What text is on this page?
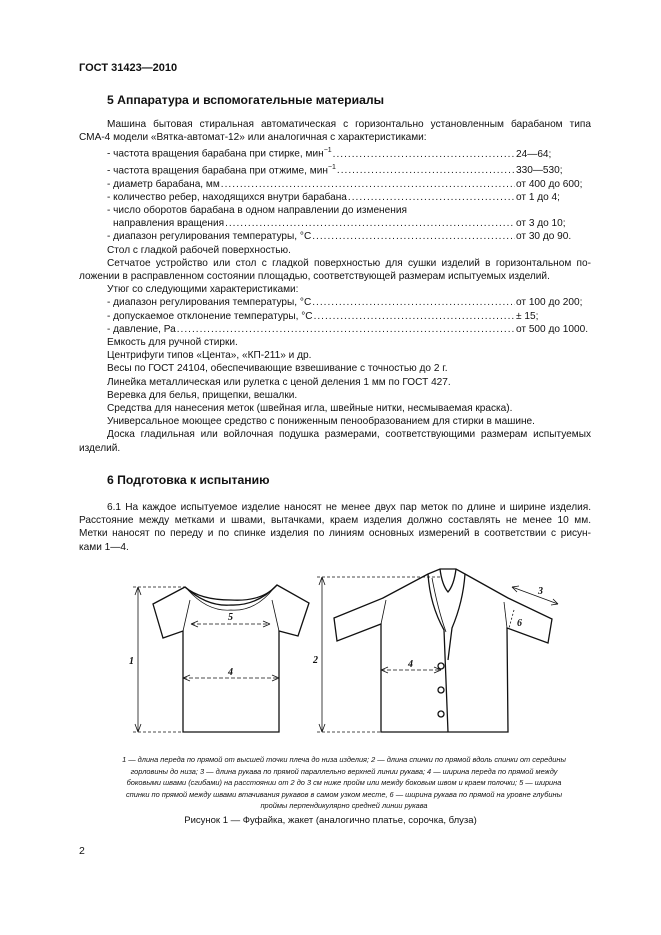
ГОСТ 31423—2010
5 Аппаратура и вспомогательные материалы
Машина бытовая стиральная автоматическая с горизонтально установленным барабаном типа
СМА-4 модели «Вятка-автомат-12» или аналогичная с характеристиками:
- частота вращения барабана при стирке, мин$^{-1}$ .....	24—64;
- частота вращения барабана при отжиме, мин$^{-1}$ .....	330—530;
- диаметр барабана, мм .....	от 400 до 600;
- количество ребер, находящихся внутри барабана .....	от 1 до 4;
- число оборотов барабана в одном направлении до изменения
направления вращения .....	от 3 до 10;
- диапазон регулирования температуры, °С .....	от 30 до 90.
Стол с гладкой рабочей поверхностью.
Сетчатое устройство или стол с гладкой поверхностью для сушки изделий в горизонтальном по-
ложении в расправленном состоянии площадью, соответствующей размерам испытуемых изделий.
Утюг со следующими характеристиками:
- диапазон регулирования температуры, °С .....	от 100 до 200;
- допускаемое отклонение температуры, °С .....	± 15;
- давление, Ра .....	от 500 до 1000.
Емкость для ручной стирки.
Центрифуги типов «Цента», «КП-211» и др.
Весы по ГОСТ 24104, обеспечивающие взвешивание с точностью до 2 г.
Линейка металлическая или рулетка с ценой деления 1 мм по ГОСТ 427.
Веревка для белья, прищепки, вешалки.
Средства для нанесения меток (швейная игла, швейные нитки, несмываемая краска).
Универсальное моющее средство с пониженным пенообразованием для стирки в машине.
Доска гладильная или войлочная подушка размерами, соответствующими размерам испытуемых
изделий.
6 Подготовка к испытанию
6.1 На каждое испытуемое изделие наносят не менее двух пар меток по длине и ширине изделия.
Расстояние между метками и швами, вытачками, краем изделия должно составлять не менее 10 мм.
Метки наносят по переду и по спинке изделия по линиям основных измерений в соответствии с рисун-
ками 1—4.
1
5
4
2	4
3
6
1 — длина переда по прямой от высшей точки плеча до низа изделия; 2 — длина спинки по прямой вдоль спинки от середины
горловины до низа; 3 — длина рукава по прямой параллельно верхней линии рукава; 4 — ширина переда по прямой между
боковыми швами (сгибами) на расстоянии от 2 до 3 см ниже пройм или между боковым швом и краем полочки; 5 — ширина
спинки по прямой между швами втачивания рукавов в самом узком месте, 6 — ширина рукава по прямой на уровне глубины
проймы перпендикулярно средней линии рукава
Рисунок 1 — Фуфайка, жакет (аналогично платье, сорочка, блуза)
2
